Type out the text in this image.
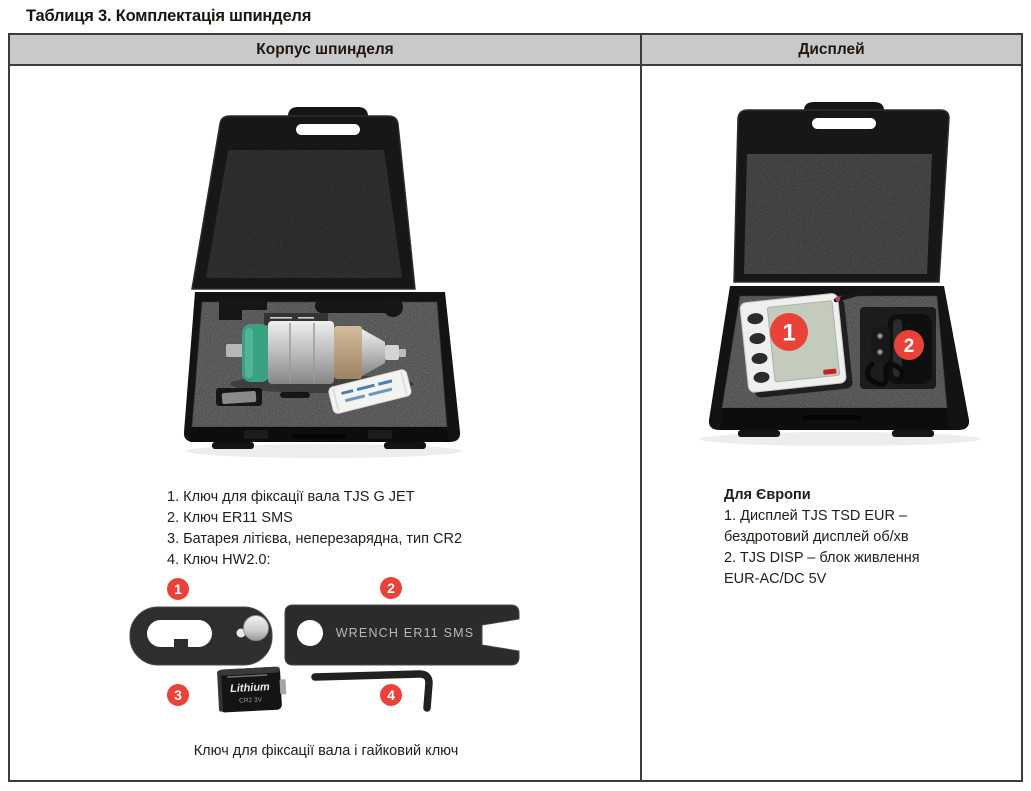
Таблиця 3. Комплектація шпинделя
Корпус шпинделя	Дисплей
1. Ключ для фіксації вала TJS G JET
2. Ключ ER11 SMS
3. Батарея літієва, неперезарядна, тип CR2
4. Ключ HW2.0:
WRENCH ER11 SMS
Lithium
CR2 3V
1	2
3	4
Ключ для фіксації вала і гайковий ключ
1	2
Для Європи
1. Дисплей TJS TSD EUR –
бездротовий дисплей об/хв
2. TJS DISP – блок живлення
EUR-AC/DC 5V
